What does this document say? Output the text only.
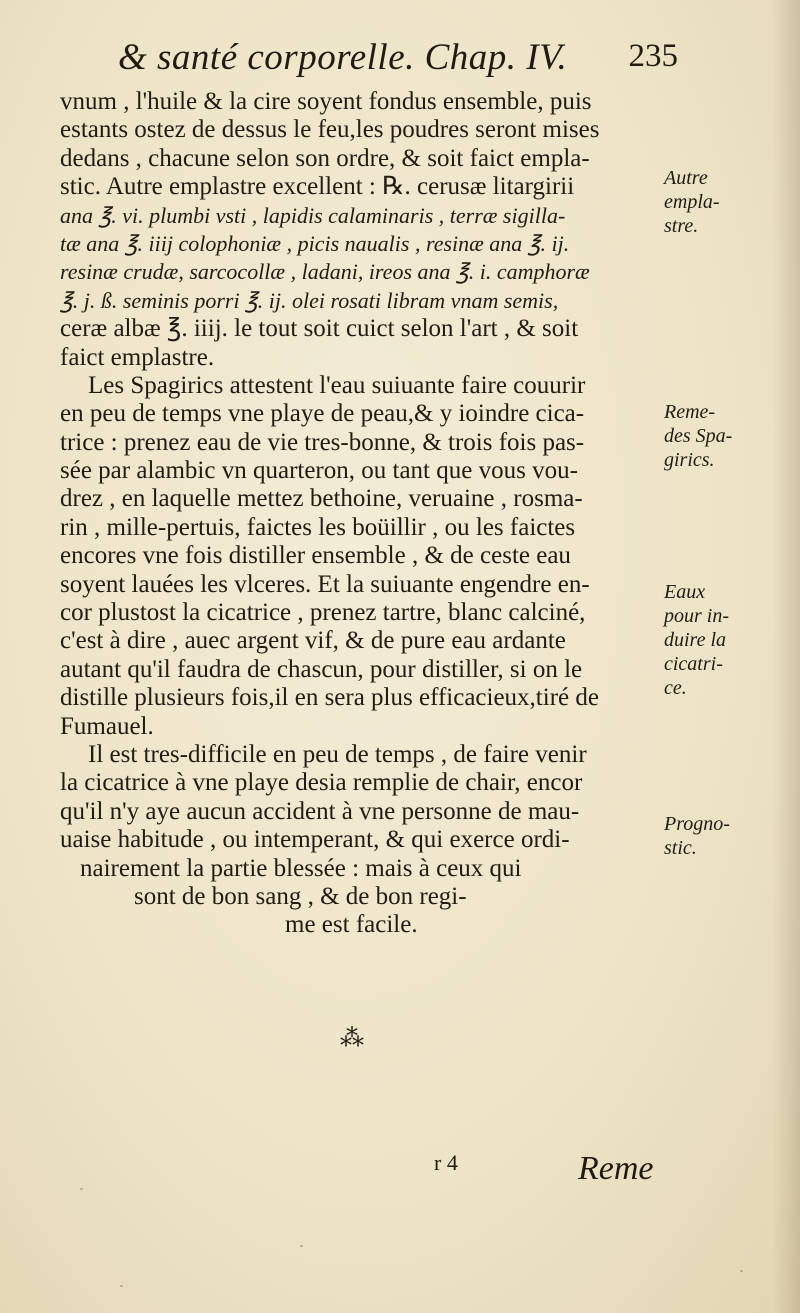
& santé corporelle. Chap. IV. 235
vnum , l'huile & la cire soyent fondus ensemble, puis
estants ostez de dessus le feu,les poudres seront mises
dedans , chacune selon son ordre, & soit faict empla-
stic. Autre emplastre excellent : ℞. cerusæ litargirii
ana ℥. vi. plumbi vsti , lapidis calaminaris , terræ sigilla-
tæ ana ℥. iiij colophoniæ , picis naualis , resinæ ana ℥. ij.
resinæ crudæ, sarcocollæ , ladani, ireos ana ℥. i. camphoræ
℥. j. ß. seminis porri ℥. ij. olei rosati libram vnam semis,
ceræ albæ ℥. iiij. le tout soit cuict selon l'art , & soit
faict emplastre.
Les Spagirics attestent l'eau suiuante faire couurir
en peu de temps vne playe de peau,& y ioindre cica-
trice : prenez eau de vie tres-bonne, & trois fois pas-
sée par alambic vn quarteron, ou tant que vous vou-
drez , en laquelle mettez bethoine, veruaine , rosma-
rin , mille-pertuis, faictes les boüillir , ou les faictes
encores vne fois distiller ensemble , & de ceste eau
soyent lauées les vlceres. Et la suiuante engendre en-
cor plustost la cicatrice , prenez tartre, blanc calciné,
c'est à dire , auec argent vif, & de pure eau ardante
autant qu'il faudra de chascun, pour distiller, si on le
distille plusieurs fois,il en sera plus efficacieux,tiré de
Fumauel.
Il est tres-difficile en peu de temps , de faire venir
la cicatrice à vne playe desia remplie de chair, encor
qu'il n'y aye aucun accident à vne personne de mau-
uaise habitude , ou intemperant, & qui exerce ordi-
nairement la partie blessée : mais à ceux qui
sont de bon sang , & de bon regi-
me est facile.
⁂
Autre
empla-
stre.
Reme-
des Spa-
girics.
Eaux
pour in-
duire la
cicatri-
ce.
Progno-
stic.
r 4	Reme
